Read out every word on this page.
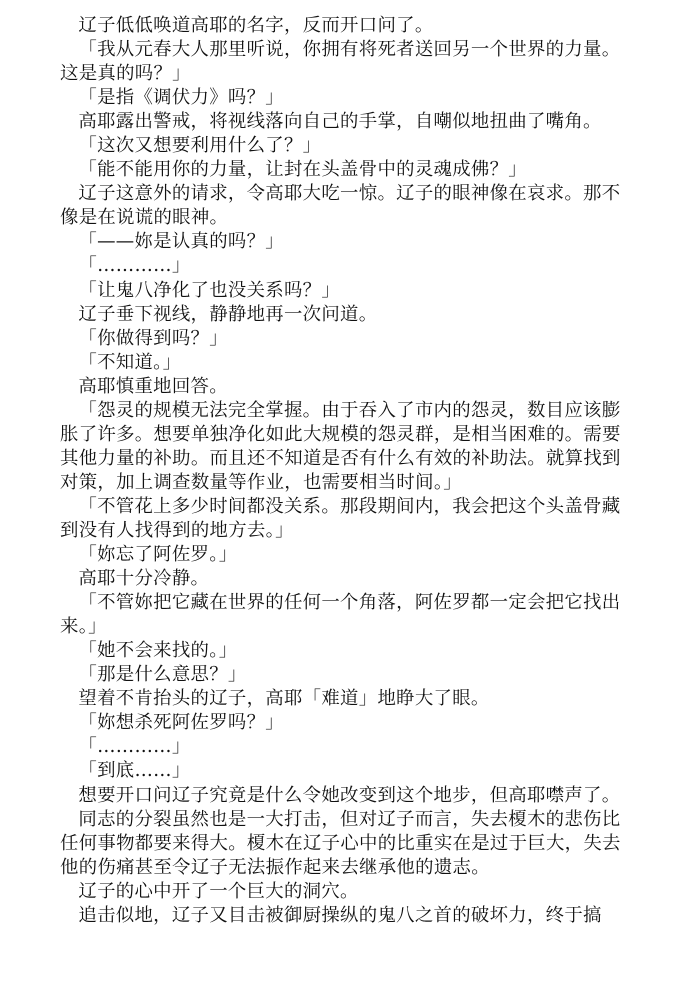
辽子低低唤道高耶的名字，反而开口问了。

「我从元春大人那里听说，你拥有将死者送回另一个世界的力量。这是真的吗？」

「是指《调伏力》吗？」

高耶露出警戒，将视线落向自己的手掌，自嘲似地扭曲了嘴角。

「这次又想要利用什么了？」

「能不能用你的力量，让封在头盖骨中的灵魂成佛？」

辽子这意外的请求，令高耶大吃一惊。辽子的眼神像在哀求。那不像是在说谎的眼神。

「——妳是认真的吗？」

「…………」

「让鬼八净化了也没关系吗？」

辽子垂下视线，静静地再一次问道。

「你做得到吗？」

「不知道。」

高耶慎重地回答。

「怨灵的规模无法完全掌握。由于吞入了市内的怨灵，数目应该膨胀了许多。想要单独净化如此大规模的怨灵群，是相当困难的。需要其他力量的补助。而且还不知道是否有什么有效的补助法。就算找到对策，加上调查数量等作业，也需要相当时间。」

「不管花上多少时间都没关系。那段期间内，我会把这个头盖骨藏到没有人找得到的地方去。」

「妳忘了阿佐罗。」

高耶十分冷静。

「不管妳把它藏在世界的任何一个角落，阿佐罗都一定会把它找出来。」

「她不会来找的。」

「那是什么意思？」

望着不肯抬头的辽子，高耶「难道」地睁大了眼。

「妳想杀死阿佐罗吗？」

「…………」

「到底……」

想要开口问辽子究竟是什么令她改变到这个地步，但高耶噤声了。

同志的分裂虽然也是一大打击，但对辽子而言，失去榎木的悲伤比任何事物都要来得大。榎木在辽子心中的比重实在是过于巨大，失去他的伤痛甚至令辽子无法振作起来去继承他的遗志。

辽子的心中开了一个巨大的洞穴。

追击似地，辽子又目击被御厨操纵的鬼八之首的破坏力，终于搞
